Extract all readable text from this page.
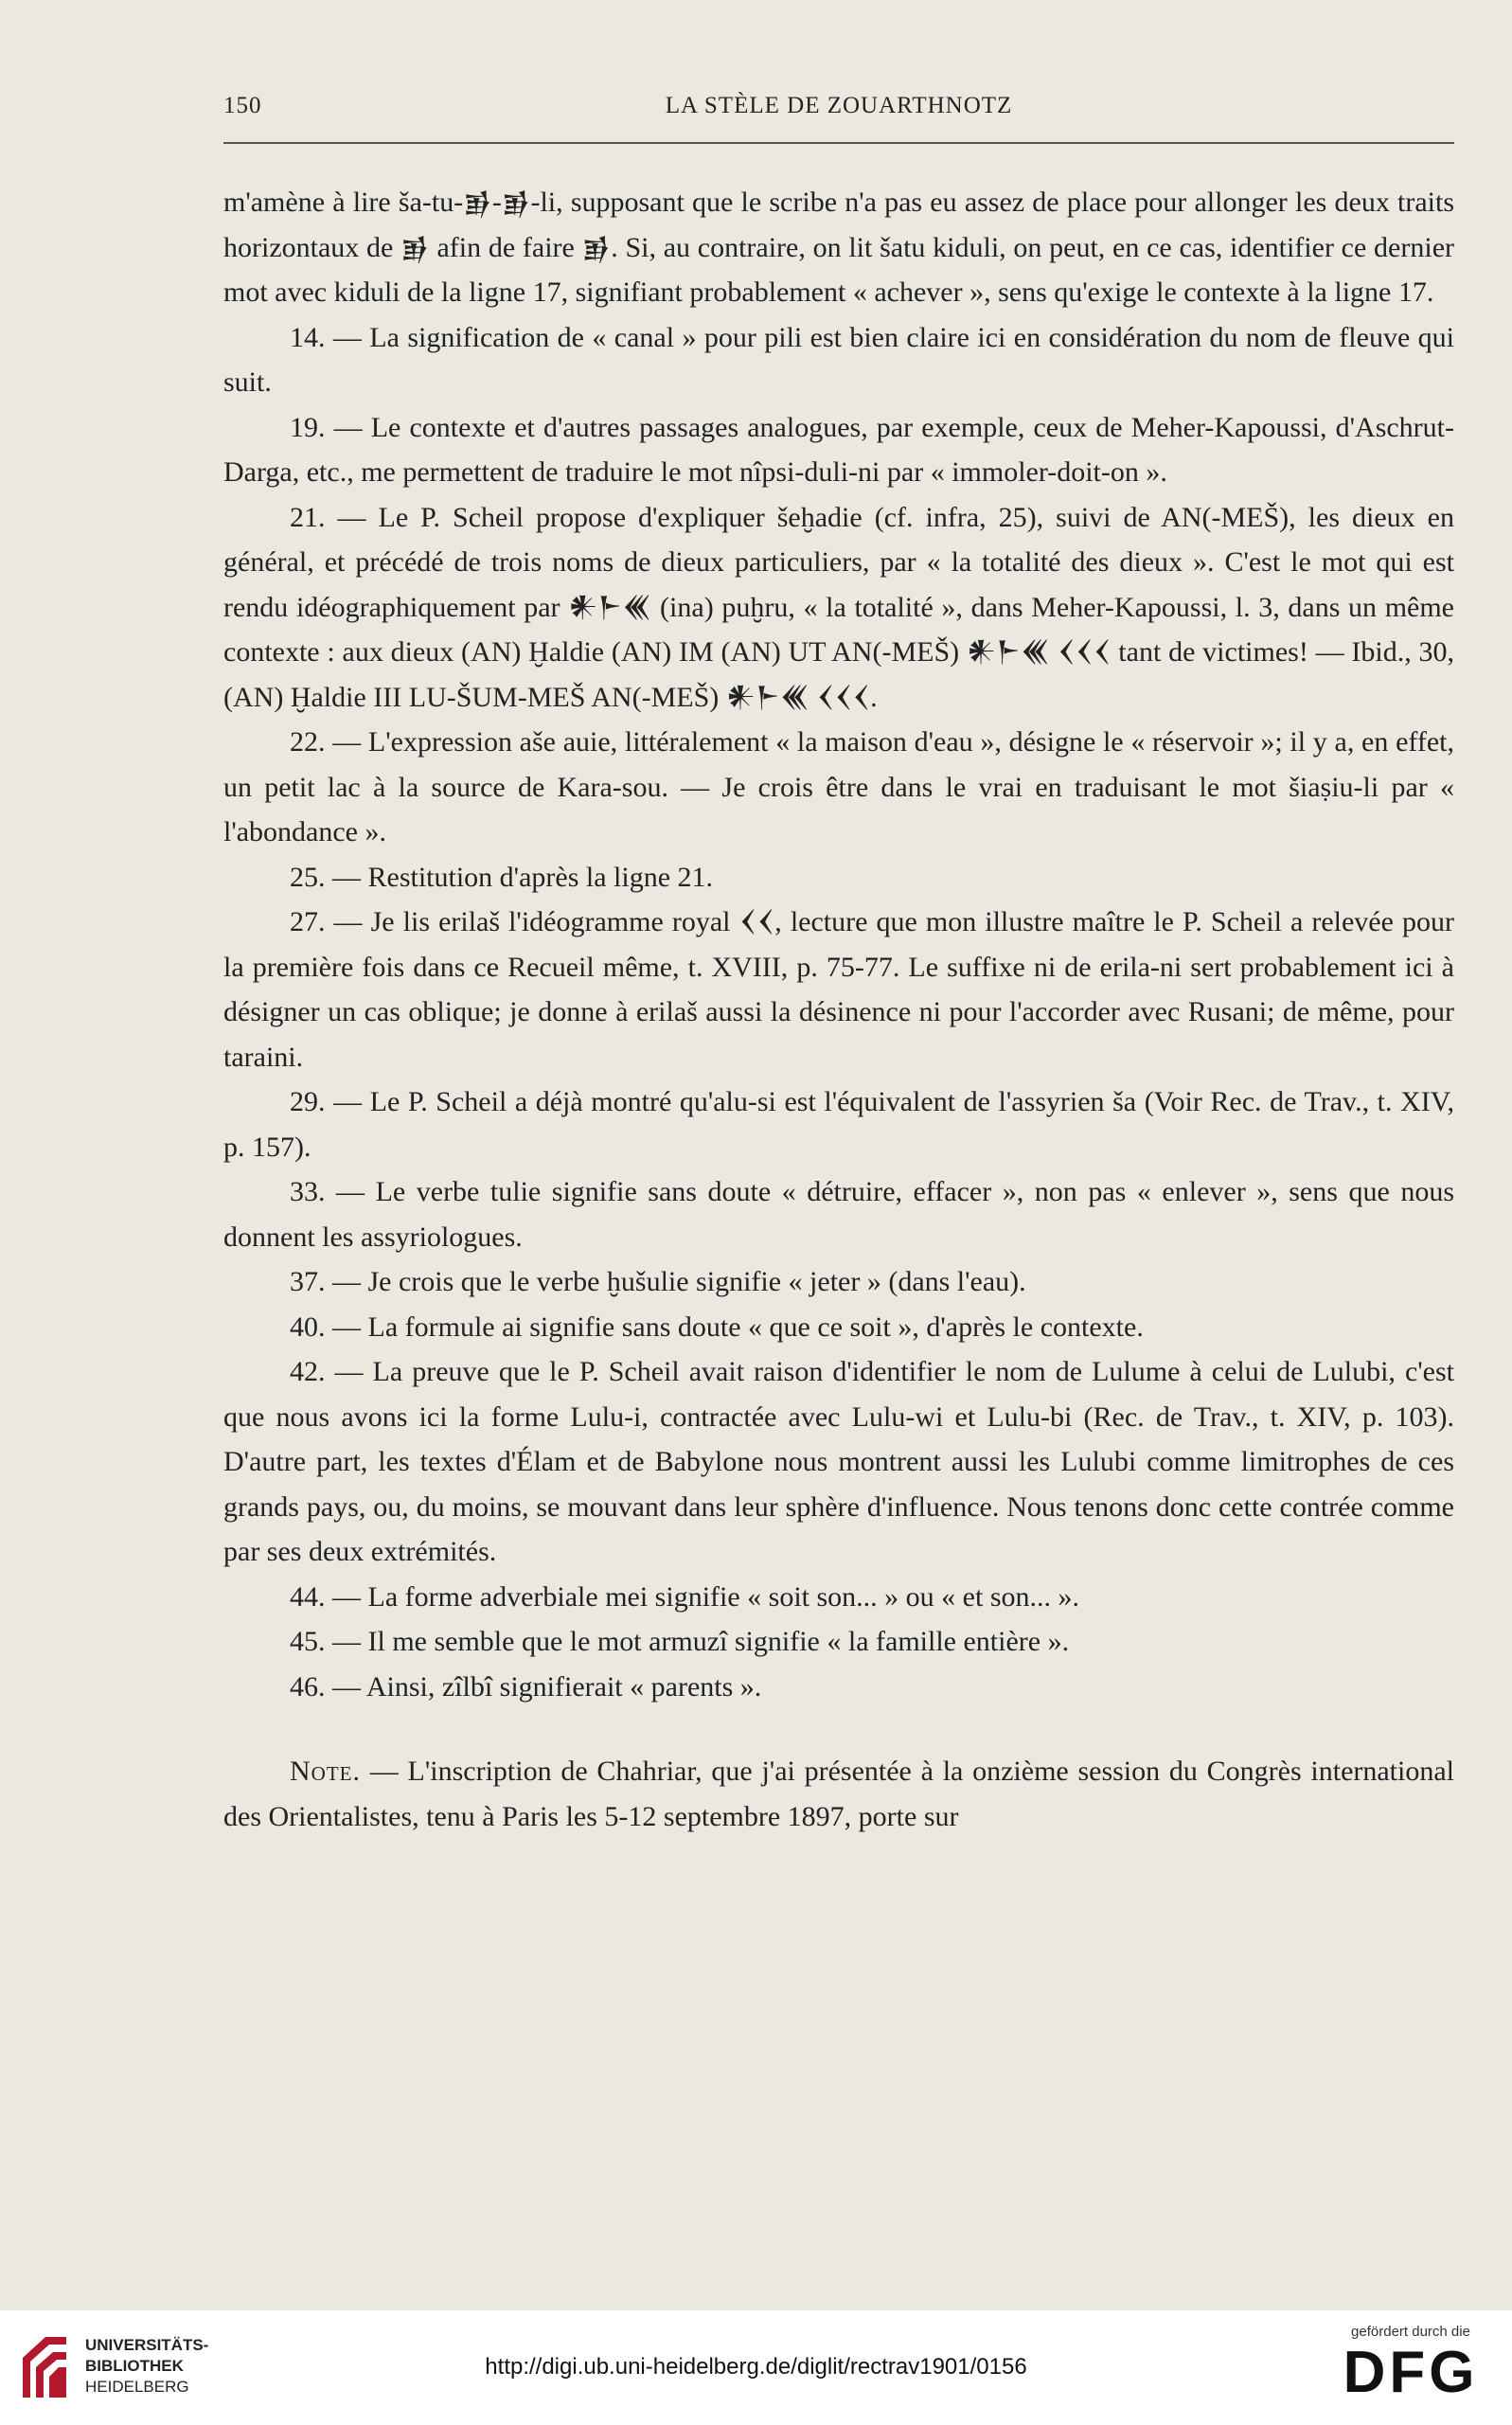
150	LA STÈLE DE ZOUARTHNOTZ

m'amène à lire ša-tu-𒂊-𒂊-li, supposant que le scribe n'a pas eu assez de place pour allonger les deux traits horizontaux de 𒂊 afin de faire 𒂊. Si, au contraire, on lit šatu kiduli, on peut, en ce cas, identifier ce dernier mot avec kiduli de la ligne 17, signifiant probablement « achever », sens qu'exige le contexte à la ligne 17.

14. — La signification de « canal » pour pili est bien claire ici en considération du nom de fleuve qui suit.

19. — Le contexte et d'autres passages analogues, par exemple, ceux de Meher-Kapoussi, d'Aschrut-Darga, etc., me permettent de traduire le mot nîpsi-duli-ni par « immoler-doit-on ».

21. — Le P. Scheil propose d'expliquer šeḫadie (cf. infra, 25), suivi de AN(-MEŠ), les dieux en général, et précédé de trois noms de dieux particuliers, par « la totalité des dieux ». C'est le mot qui est rendu idéographiquement par 𒀭𒈨𒌍 (ina) puḫru, « la totalité », dans Meher-Kapoussi, l. 3, dans un même contexte : aux dieux (AN) Ḫaldie (AN) IM (AN) UT AN(-MEŠ) 𒀭𒈨𒌍 𒌋𒌋𒌋 tant de victimes! — Ibid., 30, (AN) Ḫaldie III LU-ŠUM-MEŠ AN(-MEŠ) 𒀭𒈨𒌍 𒌋𒌋𒌋.

22. — L'expression aše auie, littéralement « la maison d'eau », désigne le « réservoir »; il y a, en effet, un petit lac à la source de Kara-sou. — Je crois être dans le vrai en traduisant le mot šiaṣiu-li par « l'abondance ».

25. — Restitution d'après la ligne 21.

27. — Je lis erilaš l'idéogramme royal 𒌋𒌋, lecture que mon illustre maître le P. Scheil a relevée pour la première fois dans ce Recueil même, t. XVIII, p. 75-77. Le suffixe ni de erila-ni sert probablement ici à désigner un cas oblique; je donne à erilaš aussi la désinence ni pour l'accorder avec Rusani; de même, pour taraini.

29. — Le P. Scheil a déjà montré qu'alu-si est l'équivalent de l'assyrien ša (Voir Rec. de Trav., t. XIV, p. 157).

33. — Le verbe tulie signifie sans doute « détruire, effacer », non pas « enlever », sens que nous donnent les assyriologues.

37. — Je crois que le verbe ḫušulie signifie « jeter » (dans l'eau).

40. — La formule ai signifie sans doute « que ce soit », d'après le contexte.

42. — La preuve que le P. Scheil avait raison d'identifier le nom de Lulume à celui de Lulubi, c'est que nous avons ici la forme Lulu-i, contractée avec Lulu-wi et Lulu-bi (Rec. de Trav., t. XIV, p. 103). D'autre part, les textes d'Élam et de Babylone nous montrent aussi les Lulubi comme limitrophes de ces grands pays, ou, du moins, se mouvant dans leur sphère d'influence. Nous tenons donc cette contrée comme par ses deux extrémités.

44. — La forme adverbiale mei signifie « soit son... » ou « et son... ».

45. — Il me semble que le mot armuzî signifie « la famille entière ».

46. — Ainsi, zîlbî signifierait « parents ».

Note. — L'inscription de Chahriar, que j'ai présentée à la onzième session du Congrès international des Orientalistes, tenu à Paris les 5-12 septembre 1897, porte sur

UNIVERSITÄTS-
BIBLIOTHEK
HEIDELBERG
http://digi.ub.uni-heidelberg.de/diglit/rectrav1901/0156
gefördert durch die
DFG
